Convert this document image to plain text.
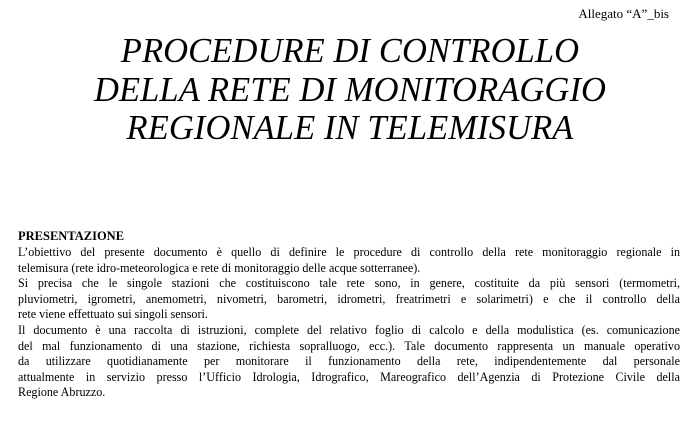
Allegato “A”_bis
PROCEDURE DI CONTROLLO
DELLA RETE DI MONITORAGGIO
REGIONALE IN TELEMISURA
PRESENTAZIONE
L’obiettivo del presente documento è quello di definire le procedure di controllo della rete monitoraggio regionale in
telemisura (rete idro-meteorologica e rete di monitoraggio delle acque sotterranee).
Si precisa che le singole stazioni che costituiscono tale rete sono, in genere, costituite da più sensori (termometri,
pluviometri, igrometri, anemometri, nivometri, barometri, idrometri, freatrimetri e solarimetri) e che il controllo della
rete viene effettuato sui singoli sensori.
Il documento è una raccolta di istruzioni, complete del relativo foglio di calcolo e della modulistica (es. comunicazione
del mal funzionamento di una stazione, richiesta sopralluogo, ecc.). Tale documento rappresenta un manuale operativo
da utilizzare quotidianamente per monitorare il funzionamento della rete, indipendentemente dal personale
attualmente in servizio presso l’Ufficio Idrologia, Idrografico, Mareografico dell’Agenzia di Protezione Civile della
Regione Abruzzo.
